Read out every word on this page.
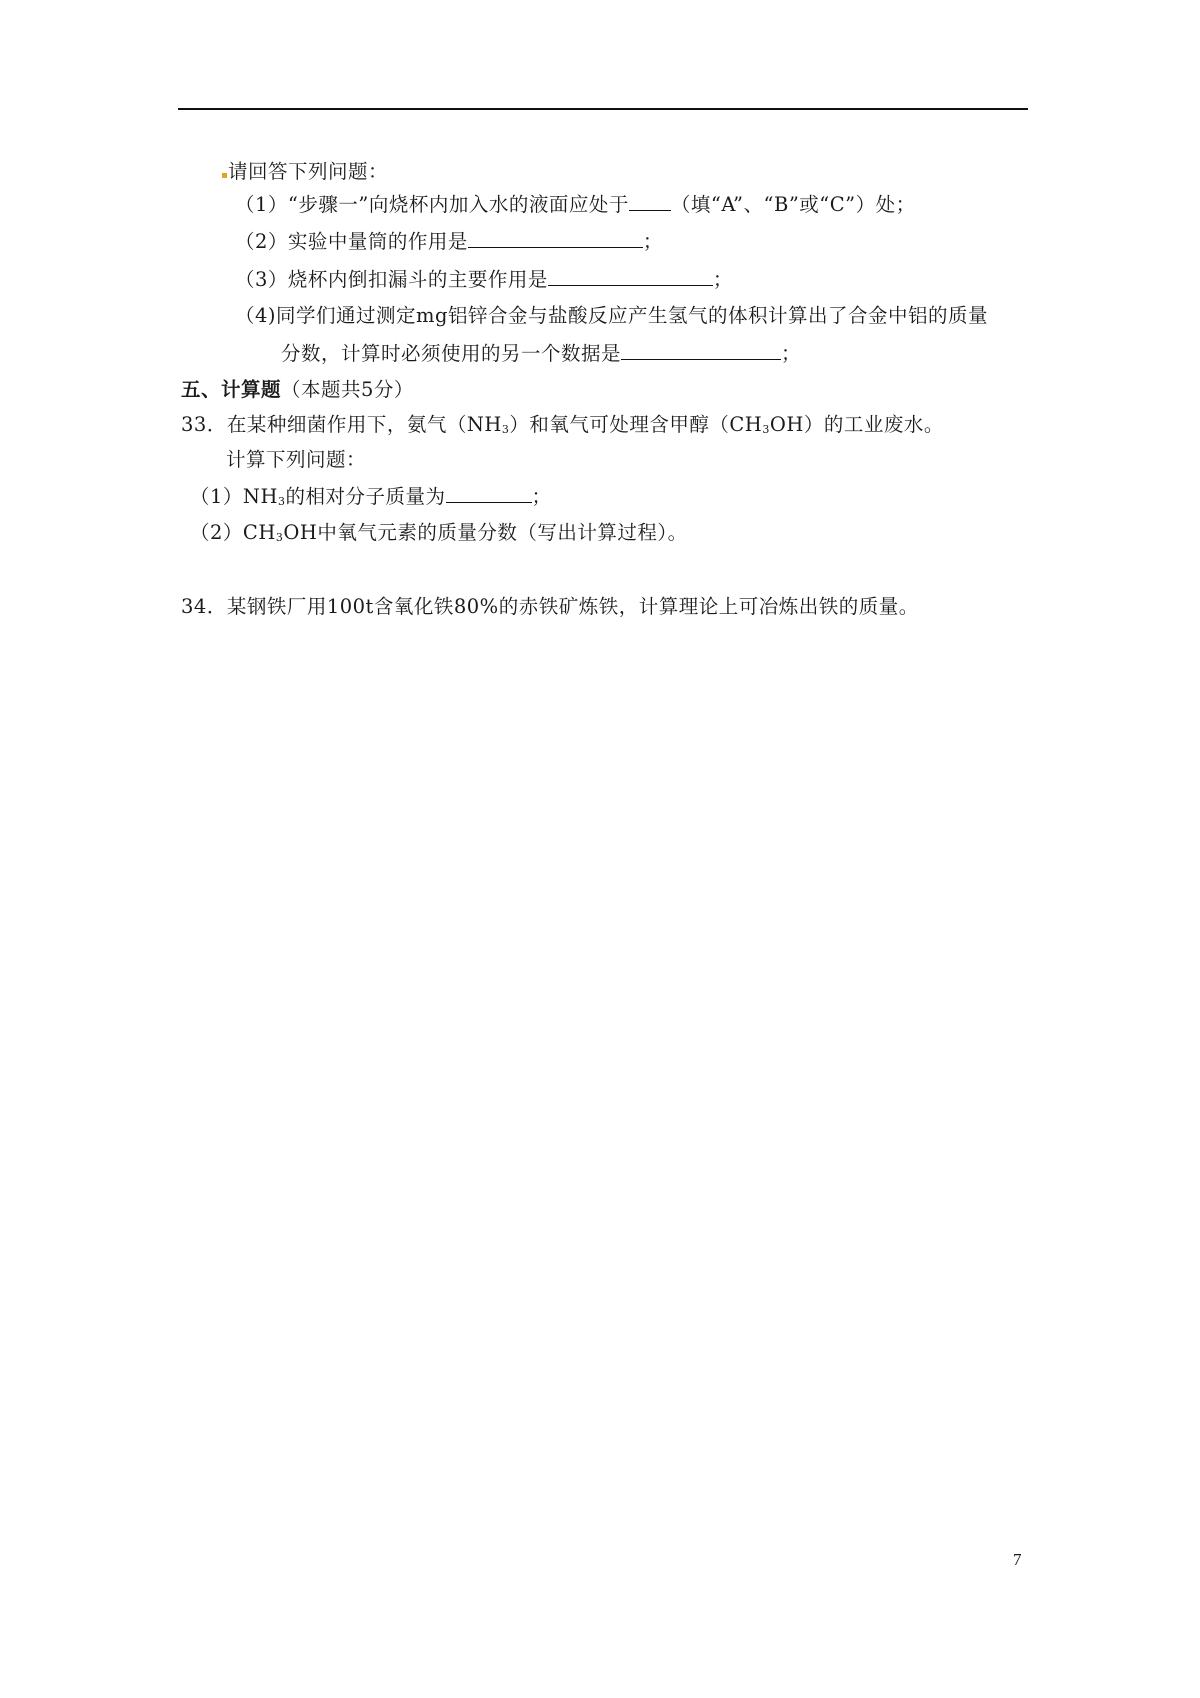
请回答下列问题：
（1）“步骤一”向烧杯内加入水的液面应处于 （填“A”、“B”或“C”）处；
（2）实验中量筒的作用是	；
（3）烧杯内倒扣漏斗的主要作用是	；
（4)同学们通过测定mg铝锌合金与盐酸反应产生氢气的体积计算出了合金中铝的质量
分数，计算时必须使用的另一个数据是	；
五、计算题（本题共5分）
33．在某种细菌作用下，氨气$(NH_3)$和氧气可处理含甲醇$(CH_3OH)$的工业废水。
计算下列问题：
$(1)NH_3$的相对分子质量为	；
$(2)CH_3OH$中氧气元素的质量分数（写出计算过程）。
34．某钢铁厂用100t含氧化铁80%的赤铁矿炼铁，计算理论上可冶炼出铁的质量。
7
